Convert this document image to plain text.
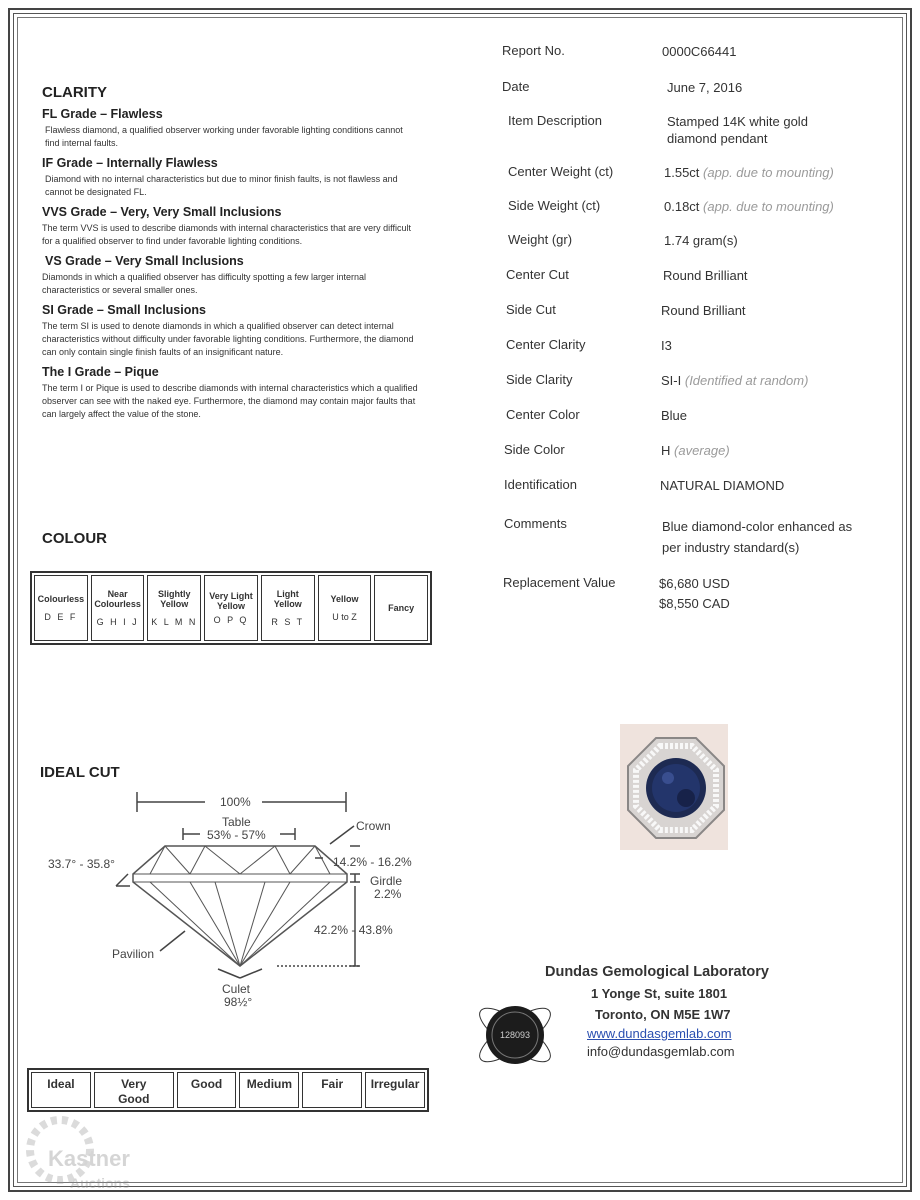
CLARITY
FL Grade – Flawless
Flawless diamond, a qualified observer working under favorable lighting conditions cannot find internal faults.
IF Grade – Internally Flawless
Diamond with no internal characteristics but due to minor finish faults, is not flawless and cannot be designated FL.
VVS Grade – Very, Very Small Inclusions
The term VVS is used to describe diamonds with internal characteristics that are very difficult for a qualified observer to find under favorable lighting conditions.
VS Grade – Very Small Inclusions
Diamonds in which a qualified observer has difficulty spotting a few larger internal characteristics or several smaller ones.
SI Grade – Small Inclusions
The term SI is used to denote diamonds in which a qualified observer can detect internal characteristics without difficulty under favorable lighting conditions. Furthermore, the diamond can only contain single finish faults of an insignificant nature.
The I Grade – Pique
The term I or Pique is used to describe diamonds with internal characteristics which a qualified observer can see with the naked eye. Furthermore, the diamond may contain major faults that can largely affect the value of the stone.
COLOUR
Colourless
D E F
Near Colourless
G H I J
Slightly Yellow
K L M N
Very Light Yellow
O P Q
Light Yellow
R S T
Yellow
U to Z
Fancy
IDEAL CUT
100%
Table
53% - 57%
Crown
33.7° - 35.8°	14.2% - 16.2%
Girdle
2.2%
42.2% - 43.8%
Pavilion
Culet
98½°
Ideal	Very Good
Good	Medium	Fair	Irregular
Report No.	0000C66441
Date	June 7, 2016
Item Description	Stamped 14K white gold diamond pendant
Center Weight (ct)	1.55ct (app. due to mounting)
Side Weight (ct)	0.18ct (app. due to mounting)
Weight (gr)	1.74 gram(s)
Center Cut	Round Brilliant
Side Cut	Round Brilliant
Center Clarity	I3
Side Clarity	SI-I (Identified at random)
Center Color	Blue
Side Color	H (average)
Identification	NATURAL DIAMOND
Comments	Blue diamond-color enhanced as per industry standard(s)
Replacement Value	$6,680 USD
$8,550 CAD
128093
Dundas Gemological Laboratory
1 Yonge St, suite 1801
Toronto, ON M5E 1W7
www.dundasgemlab.com
info@dundasgemlab.com
Kastner
Auctions
